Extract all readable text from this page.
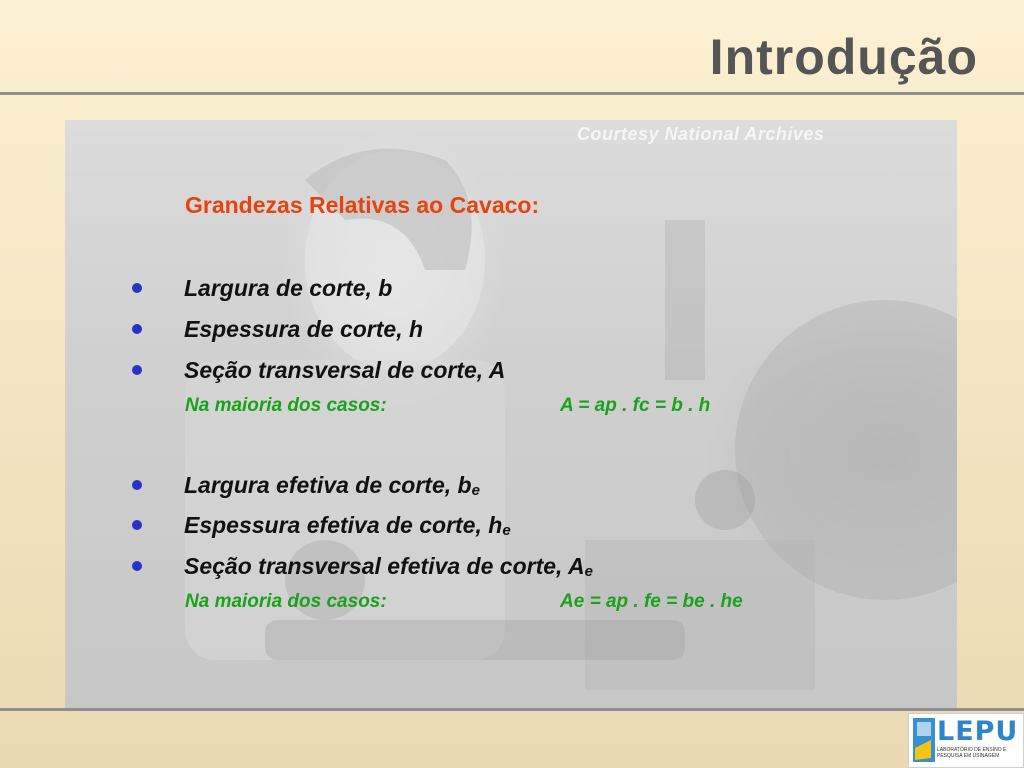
Introdução
Courtesy National Archives
Grandezas Relativas ao Cavaco:
Largura de corte, b
Espessura de corte, h
Seção transversal de corte, A
Na maioria dos casos:	A = ap . fc = b . h
Largura efetiva de corte, $b_e$
Espessura efetiva de corte, $h_e$
Seção transversal efetiva de corte, $A_e$
Na maioria dos casos:	Ae = ap . fe = be . he
LEPU
LABORATÓRIO DE ENSINO E PESQUISA EM USINAGEM
